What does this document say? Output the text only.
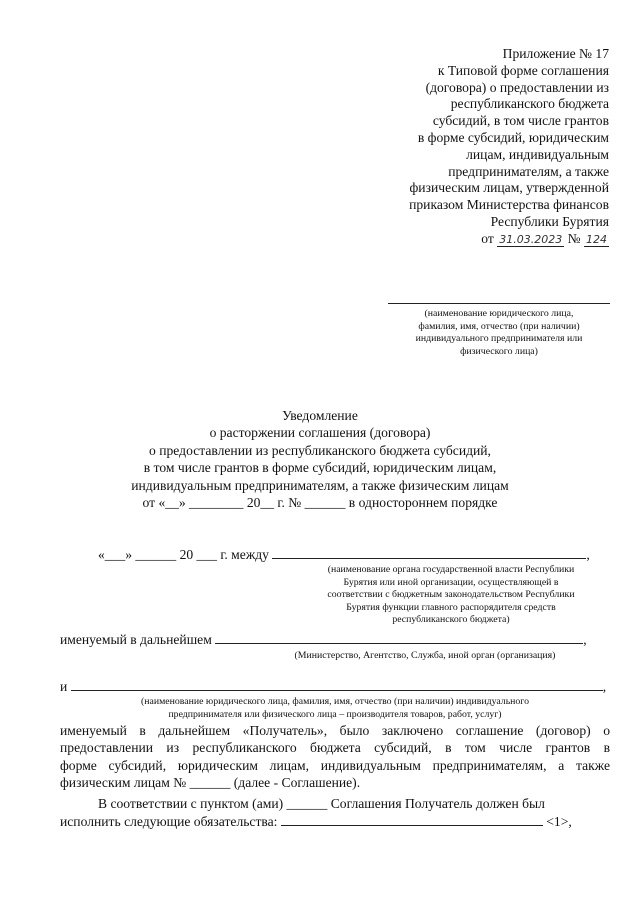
Приложение № 17
к Типовой форме соглашения
(договора) о предоставлении из
республиканского бюджета
субсидий, в том числе грантов
в форме субсидий, юридическим
лицам, индивидуальным
предпринимателям, а также
физическим лицам, утвержденной
приказом Министерства финансов
Республики Бурятия
от 31.03.2023 № 124
(наименование юридического лица,
фамилия, имя, отчество (при наличии)
индивидуального предпринимателя или
физического лица)
Уведомление
о расторжении соглашения (договора)
о предоставлении из республиканского бюджета субсидий,
в том числе грантов в форме субсидий, юридическим лицам,
индивидуальным предпринимателям, а также физическим лицам
от «__» ________ 20__ г. № ______ в одностороннем порядке
«___» ______ 20 ___ г. между	,
(наименование органа государственной власти Республики
Бурятия или иной организации, осуществляющей в
соответствии с бюджетным законодательством Республики
Бурятия функции главного распорядителя средств
республиканского бюджета)
именуемый в дальнейшем	,
(Министерство, Агентство, Служба, иной орган (организация)
и	,
(наименование юридического лица, фамилия, имя, отчество (при наличии) индивидуального
предпринимателя или физического лица – производителя товаров, работ, услуг)
именуемый в дальнейшем «Получатель», было заключено соглашение (договор) о
предоставлении из республиканского бюджета субсидий, в том числе грантов в
форме субсидий, юридическим лицам, индивидуальным предпринимателям, а также
физическим лицам № ______ (далее - Соглашение).
В соответствии с пунктом (ами) ______ Соглашения Получатель должен был
исполнить следующие обязательства:	<1>,
